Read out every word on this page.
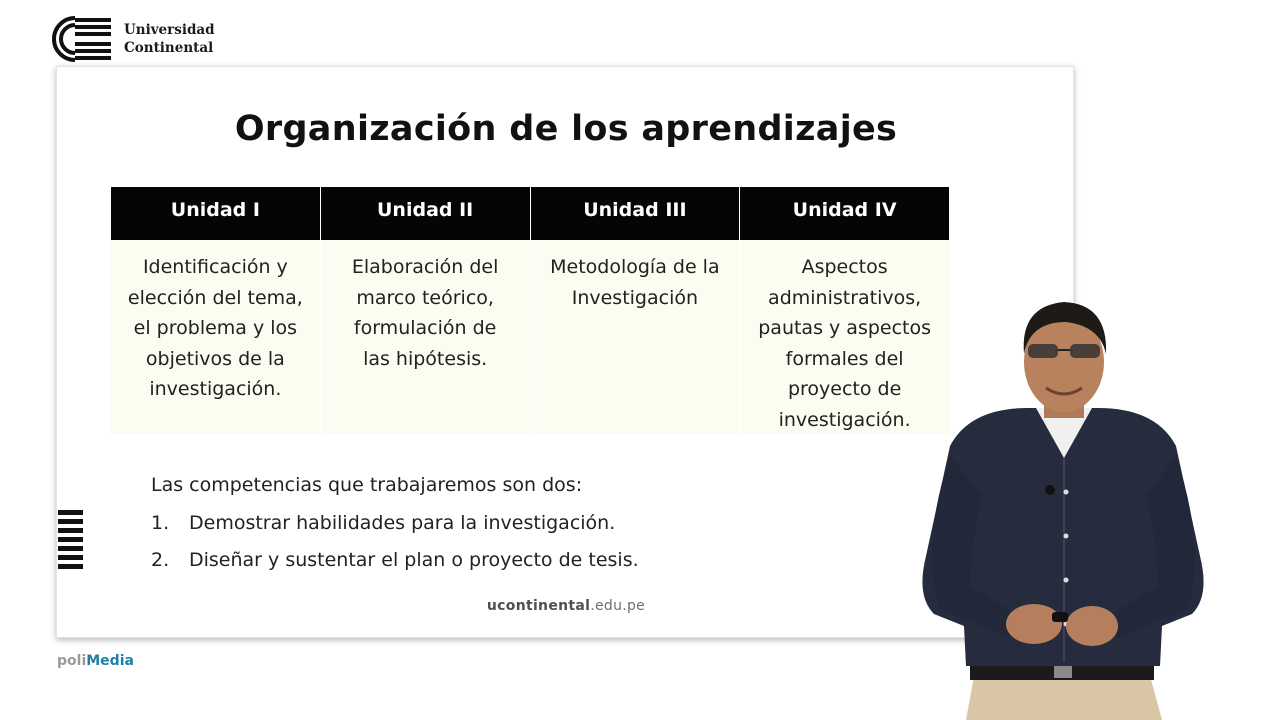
Universidad
Continental
Organización de los aprendizajes
Unidad I
Identificación y
elección del tema,
el problema y los
objetivos de la
investigación.
Unidad II
Elaboración del
marco teórico,
formulación de
las hipótesis.
Unidad III
Metodología de la
Investigación
Unidad IV
Aspectos
administrativos,
pautas y aspectos
formales del
proyecto de
investigación.
Las competencias que trabajaremos son dos:
1.	Demostrar habilidades para la investigación.
2.	Diseñar y sustentar el plan o proyecto de tesis.
ucontinental.edu.pe
poliMedia
